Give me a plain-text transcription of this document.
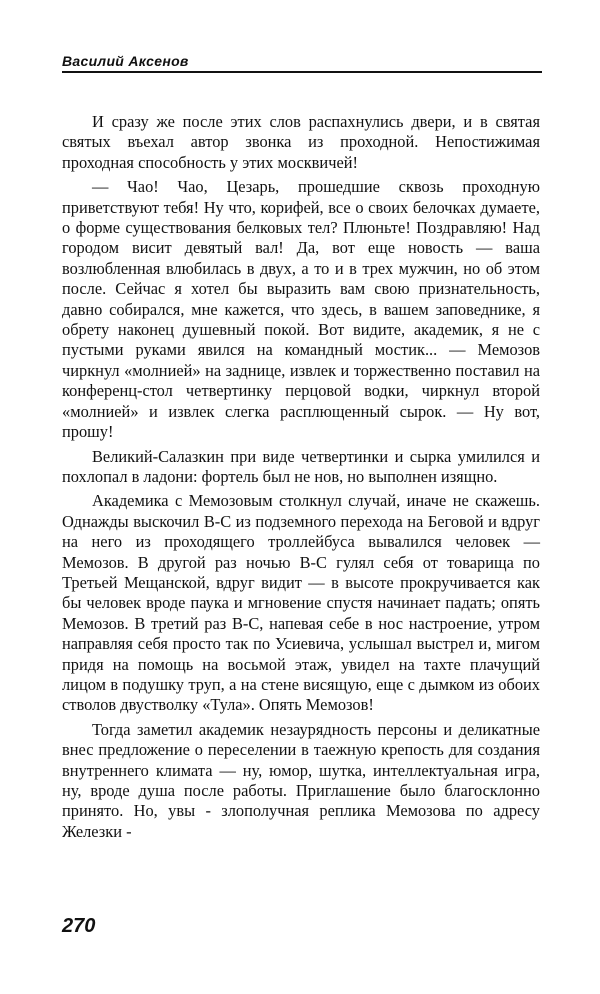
Василий Аксенов

И сразу же после этих слов распахнулись двери, и в святая святых въехал автор звонка из проходной. Непостижимая проходная способность у этих москвичей!

— Чао! Чао, Цезарь, прошедшие сквозь проходную приветствуют тебя! Ну что, корифей, все о своих белочках думаете, о форме существования белковых тел? Плюньте! Поздравляю! Над городом висит девятый вал! Да, вот еще новость — ваша возлюбленная влюбилась в двух, а то и в трех мужчин, но об этом после. Сейчас я хотел бы выразить вам свою признательность, давно собирался, мне кажется, что здесь, в вашем заповеднике, я обрету наконец душевный покой. Вот видите, академик, я не с пустыми руками явился на командный мостик... — Мемозов чиркнул «молнией» на заднице, извлек и торжественно поставил на конференц-стол четвертинку перцовой водки, чиркнул второй «молнией» и извлек слегка расплющенный сырок. — Ну вот, прошу!

Великий-Салазкин при виде четвертинки и сырка умилился и похлопал в ладони: фортель был не нов, но выполнен изящно.

Академика с Мемозовым столкнул случай, иначе не скажешь. Однажды выскочил В-С из подземного перехода на Беговой и вдруг на него из проходящего троллейбуса вывалился человек — Мемозов. В другой раз ночью В-С гулял себя от товарища по Третьей Мещанской, вдруг видит — в высоте прокручивается как бы человек вроде паука и мгновение спустя начинает падать; опять Мемозов. В третий раз В-С, напевая себе в нос настроение, утром направляя себя просто так по Усиевича, услышал выстрел и, мигом придя на помощь на восьмой этаж, увидел на тахте плачущий лицом в подушку труп, а на стене висящую, еще с дымком из обоих стволов двустволку «Тула». Опять Мемозов!

Тогда заметил академик незаурядность персоны и деликатные внес предложение о переселении в таежную крепость для создания внутреннего климата — ну, юмор, шутка, интеллектуальная игра, ну, вроде душа после работы. Приглашение было благосклонно принято. Но, увы - злополучная реплика Мемозова по адресу Железки -

270
